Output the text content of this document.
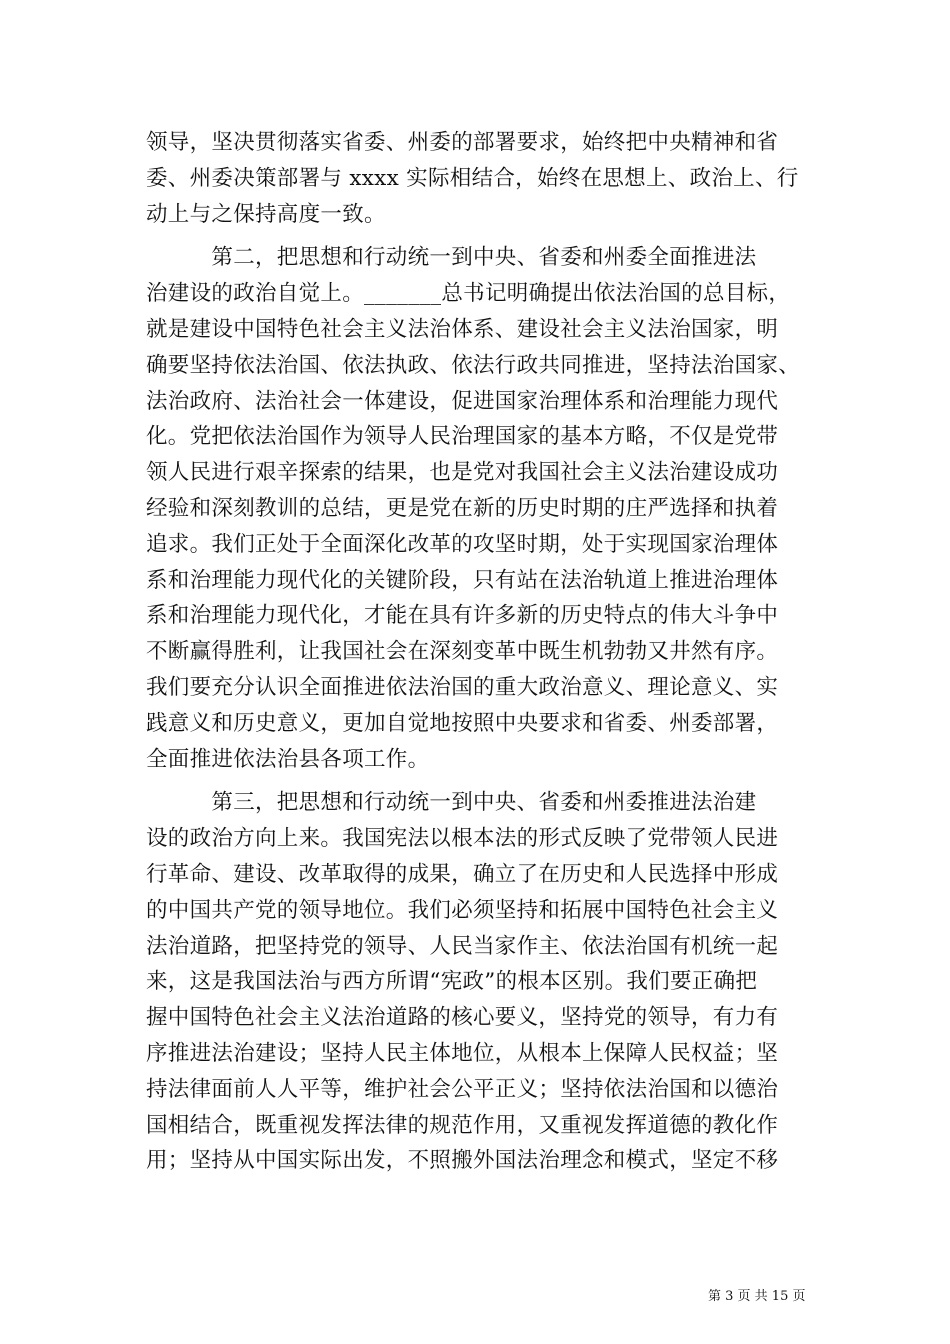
领导，坚决贯彻落实省委、州委的部署要求，始终把中央精神和省
委、州委决策部署与 xxxx 实际相结合，始终在思想上、政治上、行
动上与之保持高度一致。
　　　第二，把思想和行动统一到中央、省委和州委全面推进法
治建设的政治自觉上。_______总书记明确提出依法治国的总目标，
就是建设中国特色社会主义法治体系、建设社会主义法治国家，明
确要坚持依法治国、依法执政、依法行政共同推进，坚持法治国家、
法治政府、法治社会一体建设，促进国家治理体系和治理能力现代
化。党把依法治国作为领导人民治理国家的基本方略，不仅是党带
领人民进行艰辛探索的结果，也是党对我国社会主义法治建设成功
经验和深刻教训的总结，更是党在新的历史时期的庄严选择和执着
追求。我们正处于全面深化改革的攻坚时期，处于实现国家治理体
系和治理能力现代化的关键阶段，只有站在法治轨道上推进治理体
系和治理能力现代化，才能在具有许多新的历史特点的伟大斗争中
不断赢得胜利，让我国社会在深刻变革中既生机勃勃又井然有序。
我们要充分认识全面推进依法治国的重大政治意义、理论意义、实
践意义和历史意义，更加自觉地按照中央要求和省委、州委部署，
全面推进依法治县各项工作。
　　　第三，把思想和行动统一到中央、省委和州委推进法治建
设的政治方向上来。我国宪法以根本法的形式反映了党带领人民进
行革命、建设、改革取得的成果，确立了在历史和人民选择中形成
的中国共产党的领导地位。我们必须坚持和拓展中国特色社会主义
法治道路，把坚持党的领导、人民当家作主、依法治国有机统一起
来，这是我国法治与西方所谓“宪政”的根本区别。我们要正确把
握中国特色社会主义法治道路的核心要义，坚持党的领导，有力有
序推进法治建设；坚持人民主体地位，从根本上保障人民权益；坚
持法律面前人人平等，维护社会公平正义；坚持依法治国和以德治
国相结合，既重视发挥法律的规范作用，又重视发挥道德的教化作
用；坚持从中国实际出发，不照搬外国法治理念和模式，坚定不移
第 3 页 共 15 页
